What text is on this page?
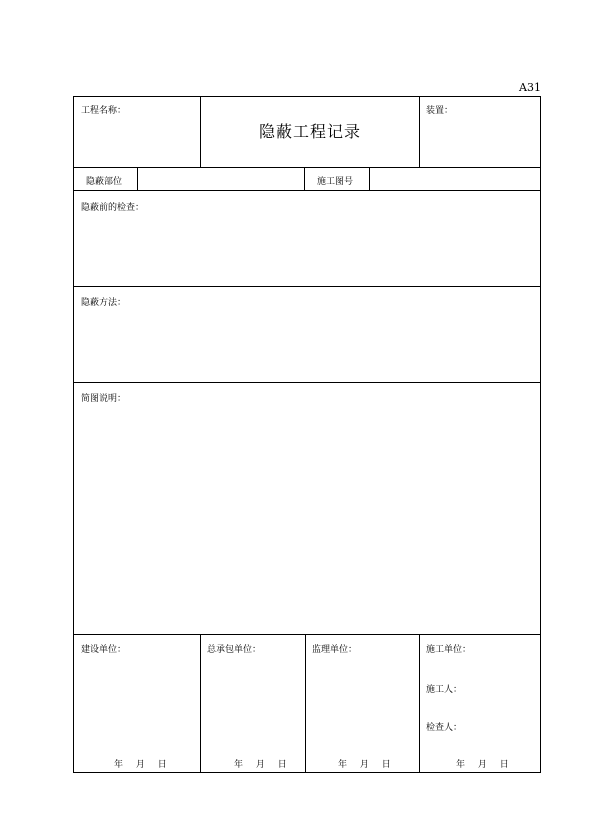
A31
工程名称：
隐蔽工程记录
装置：
隐蔽部位	施工图号
隐蔽前的检查：
隐蔽方法：
简图说明：
建设单位：	总承包单位：	监理单位：	施工单位：
施工人：
检查人：
年 月 日	年 月 日	年 月 日	年 月 日
